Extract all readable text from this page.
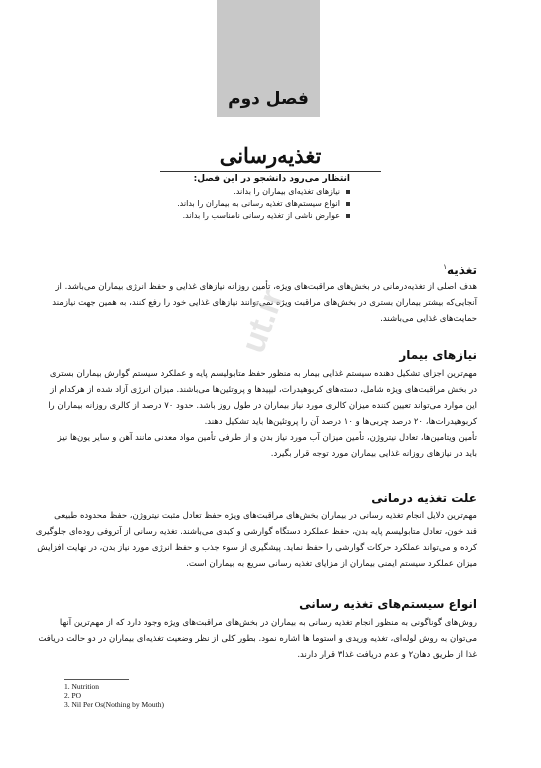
فصل دوم
تغذیه‌رسانی
انتظار می‌رود دانشجو در این فصل:
نیازهای تغذیه‌ای بیماران را بداند.
انواع سیستم‌های تغذیه رسانی به بیماران را بداند.
عوارض ناشی از تغذیه رسانی نامناسب را بداند.
تغذیه$^۱$
هدف اصلی از تغذیه‌درمانی در بخش‌های مراقبت‌های ویژه، تأمین روزانه نیازهای غذایی و حفظ انرژی بیماران می‌باشد. از
آنجایی‌که بیشتر بیماران بستری در بخش‌های مراقبت ویژه نمی‌توانند نیازهای غذایی خود را رفع کنند، به همین جهت نیازمند
حمایت‌های غذایی می‌باشند.
نیازهای بیمار
مهم‌ترین اجزای تشکیل دهنده سیستم غذایی بیمار به منظور حفظ متابولیسم پایه و عملکرد سیستم گوارش بیماران بستری
در بخش مراقبت‌های ویژه شامل، دسته‌های کربوهیدرات، لیپیدها و پروتئین‌ها می‌باشند. میزان انرژی آزاد شده از هرکدام از
این موارد می‌تواند تعیین کننده میزان کالری مورد نیاز بیماران در طول روز باشد. حدود ۷۰ درصد از کالری روزانه بیماران را
کربوهیدرات‌ها، ۲۰ درصد چربی‌ها و ۱۰ درصد آن را پروتئین‌ها باید تشکیل دهند.
تأمین ویتامین‌ها، تعادل نیتروژن، تأمین میزان آب مورد نیاز بدن و از طرفی تأمین مواد معدنی مانند آهن و سایر یون‌ها نیز
باید در نیازهای روزانه غذایی بیماران مورد توجه قرار بگیرد.
علت تغذیه درمانی
مهم‌ترین دلایل انجام تغذیه رسانی در بیماران بخش‌های مراقبت‌های ویژه حفظ تعادل مثبت نیتروژن، حفظ محدوده طبیعی
قند خون، تعادل متابولیسم پایه بدن، حفظ عملکرد دستگاه گوارشی و کبدی می‌باشند. تغذیه رسانی از آتروفی روده‌ای جلوگیری
کرده و می‌تواند عملکرد حرکات گوارشی را حفظ نماید. پیشگیری از سوء جذب و حفظ انرژی مورد نیاز بدن، در نهایت افزایش
میزان عملکرد سیستم ایمنی بیماران از مزایای تغذیه رسانی سریع به بیماران است.
انواع سیستم‌های تغذیه رسانی
روش‌های گوناگونی به منظور انجام تغذیه رسانی به بیماران در بخش‌های مراقبت‌های ویژه وجود دارد که از مهم‌ترین آنها
می‌توان به روش لوله‌ای، تغذیه وریدی و استوما ها اشاره نمود. بطور کلی از نظر وضعیت تغذیه‌ای بیماران در دو حالت دریافت
غذا از طریق دهان۲ و عدم دریافت غذا۳ قرار دارند.
1. Nutrition
2. PO
3. Nil Per Os(Nothing by Mouth)
ut.ir
